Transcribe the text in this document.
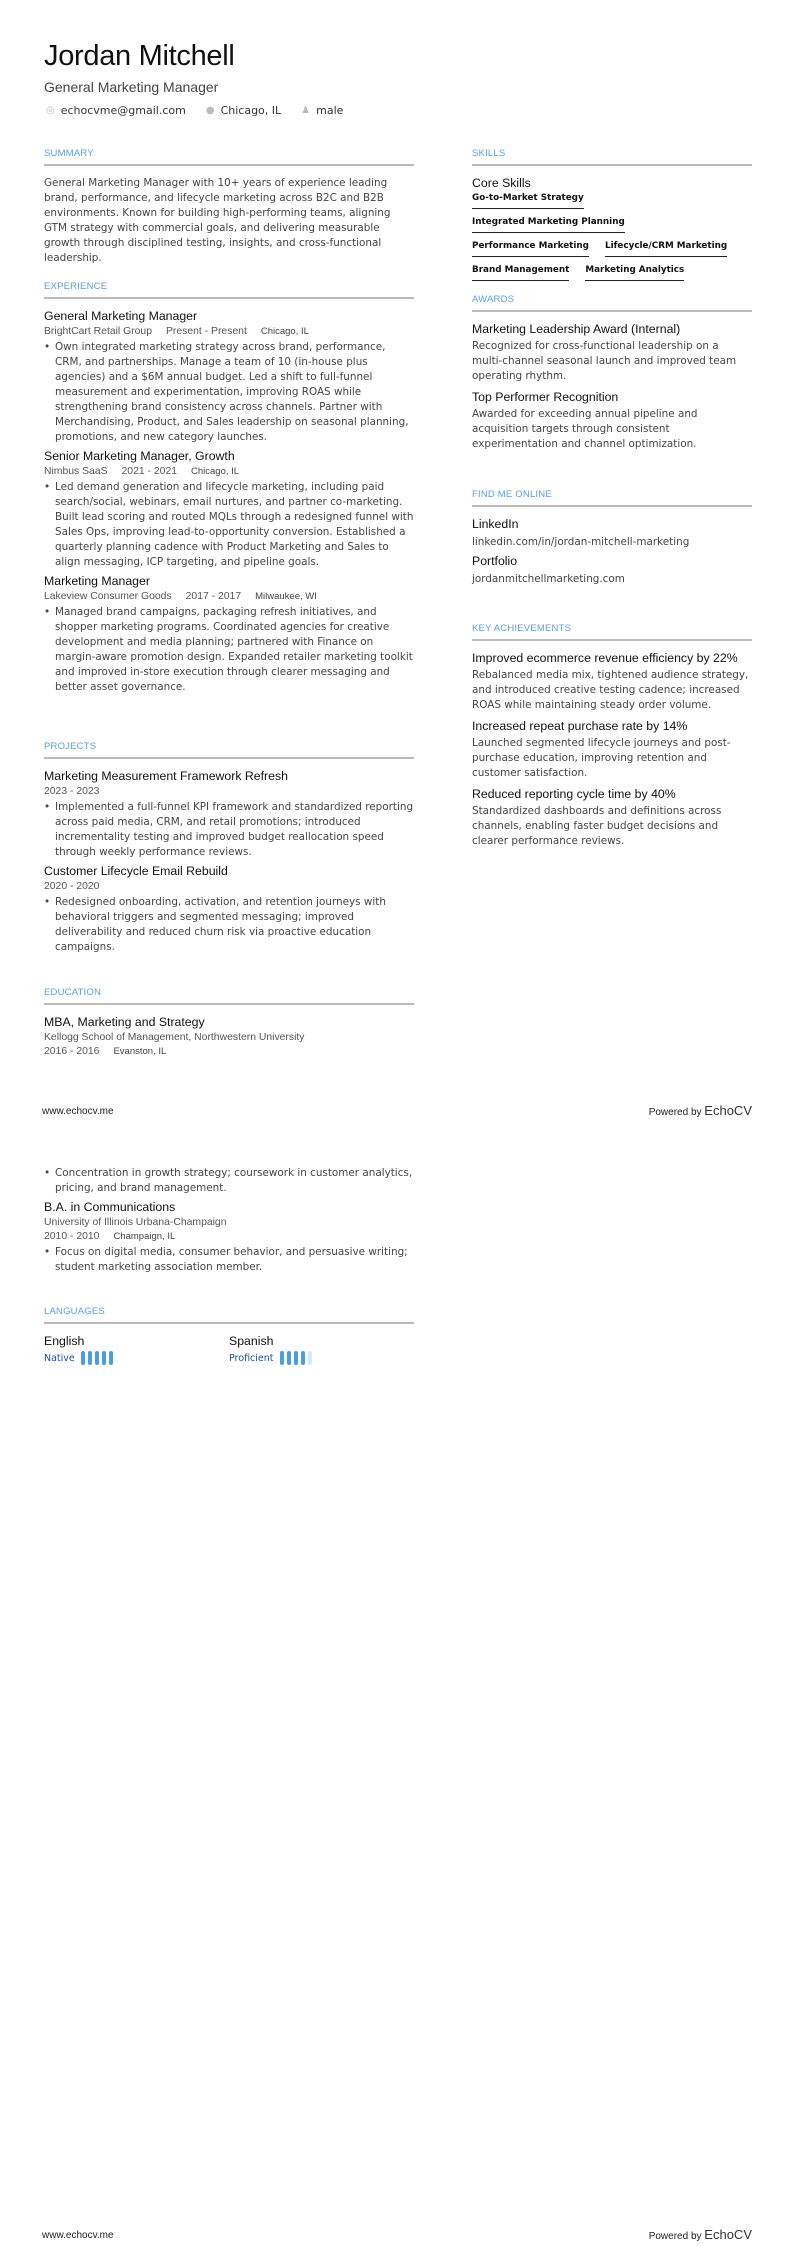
Jordan Mitchell
General Marketing Manager
◎ echocvme@gmail.com ● Chicago, IL ♟ male
SUMMARY
General Marketing Manager with 10+ years of experience leading brand, performance, and lifecycle marketing across B2C and B2B environments. Known for building high-performing teams, aligning GTM strategy with commercial goals, and delivering measurable growth through disciplined testing, insights, and cross-functional leadership.
EXPERIENCE
General Marketing Manager
BrightCart Retail Group Present - Present Chicago, IL
• Own integrated marketing strategy across brand, performance, CRM, and partnerships. Manage a team of 10 (in-house plus agencies) and a $6M annual budget. Led a shift to full-funnel measurement and experimentation, improving ROAS while strengthening brand consistency across channels. Partner with Merchandising, Product, and Sales leadership on seasonal planning, promotions, and new category launches.
Senior Marketing Manager, Growth
Nimbus SaaS 2021 - 2021 Chicago, IL
• Led demand generation and lifecycle marketing, including paid search/social, webinars, email nurtures, and partner co-marketing. Built lead scoring and routed MQLs through a redesigned funnel with Sales Ops, improving lead-to-opportunity conversion. Established a quarterly planning cadence with Product Marketing and Sales to align messaging, ICP targeting, and pipeline goals.
Marketing Manager
Lakeview Consumer Goods 2017 - 2017 Milwaukee, WI
• Managed brand campaigns, packaging refresh initiatives, and shopper marketing programs. Coordinated agencies for creative development and media planning; partnered with Finance on margin-aware promotion design. Expanded retailer marketing toolkit and improved in-store execution through clearer messaging and better asset governance.
PROJECTS
Marketing Measurement Framework Refresh
2023 - 2023
• Implemented a full-funnel KPI framework and standardized reporting across paid media, CRM, and retail promotions; introduced incrementality testing and improved budget reallocation speed through weekly performance reviews.
Customer Lifecycle Email Rebuild
2020 - 2020
• Redesigned onboarding, activation, and retention journeys with behavioral triggers and segmented messaging; improved deliverability and reduced churn risk via proactive education campaigns.
EDUCATION
MBA, Marketing and Strategy
Kellogg School of Management, Northwestern University
2016 - 2016 Evanston, IL
SKILLS
Core Skills
Go-to-Market Strategy
Integrated Marketing Planning
Performance Marketing Lifecycle/CRM Marketing
Brand Management Marketing Analytics
AWARDS
Marketing Leadership Award (Internal)
Recognized for cross-functional leadership on a multi-channel seasonal launch and improved team operating rhythm.
Top Performer Recognition
Awarded for exceeding annual pipeline and acquisition targets through consistent experimentation and channel optimization.
FIND ME ONLINE
LinkedIn
linkedin.com/in/jordan-mitchell-marketing
Portfolio
jordanmitchellmarketing.com
KEY ACHIEVEMENTS
Improved ecommerce revenue efficiency by 22%
Rebalanced media mix, tightened audience strategy, and introduced creative testing cadence; increased ROAS while maintaining steady order volume.
Increased repeat purchase rate by 14%
Launched segmented lifecycle journeys and post-purchase education, improving retention and customer satisfaction.
Reduced reporting cycle time by 40%
Standardized dashboards and definitions across channels, enabling faster budget decisions and clearer performance reviews.
www.echocv.me	Powered by EchoCV
• Concentration in growth strategy; coursework in customer analytics, pricing, and brand management.
B.A. in Communications
University of Illinois Urbana-Champaign
2010 - 2010 Champaign, IL
• Focus on digital media, consumer behavior, and persuasive writing; student marketing association member.
LANGUAGES
English
Native
Spanish
Proficient
www.echocv.me	Powered by EchoCV
